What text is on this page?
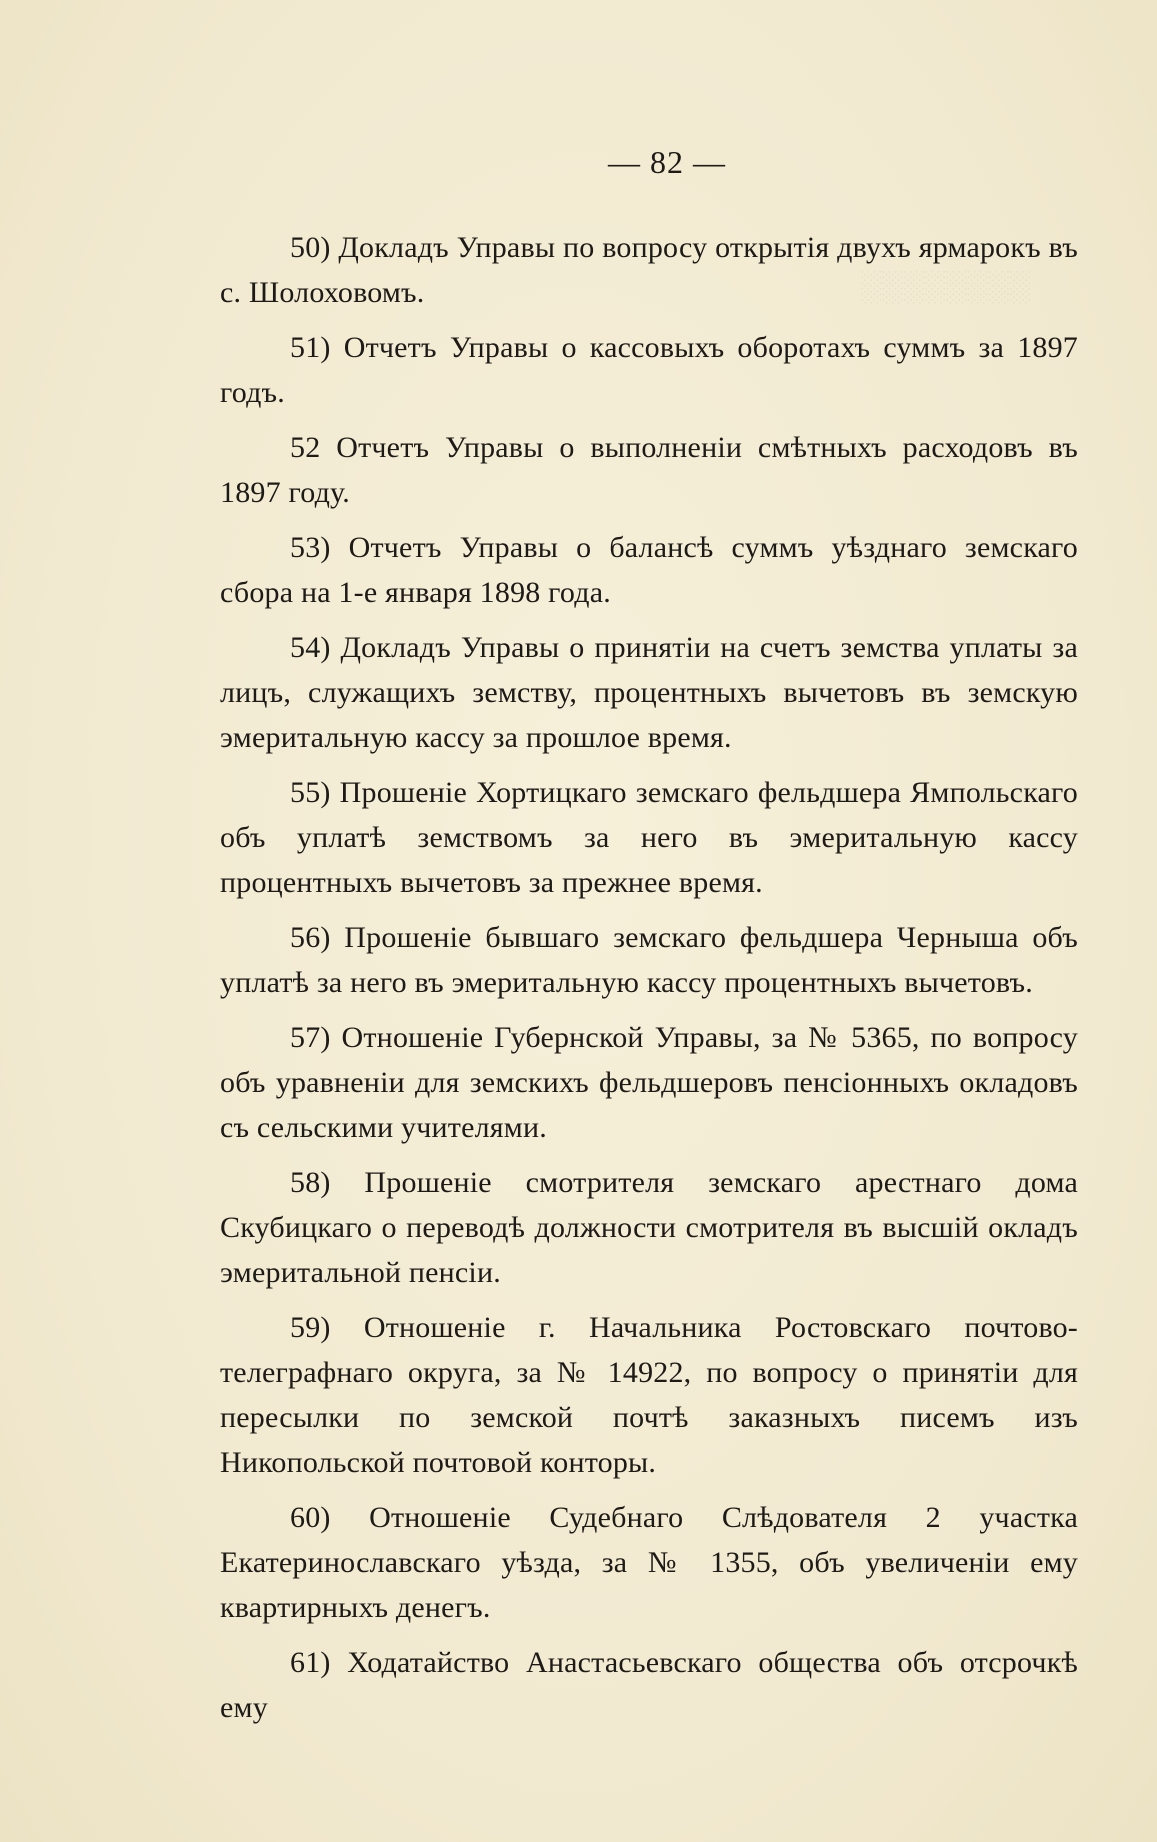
░░░░░░░░
— 82 —

50) Докладъ Управы по вопросу открытія двухъ ярмарокъ въ с. Шолоховомъ.

51) Отчетъ Управы о кассовыхъ оборотахъ суммъ за 1897 годъ.

52 Отчетъ Управы о выполненіи смѣтныхъ расходовъ въ 1897 году.

53) Отчетъ Управы о балансѣ суммъ уѣзднаго земскаго сбора на 1-е января 1898 года.

54) Докладъ Управы о принятіи на счетъ земства уплаты за лицъ, служащихъ земству, процентныхъ вычетовъ въ земскую эмеритальную кассу за прошлое время.

55) Прошеніе Хортицкаго земскаго фельдшера Ямпольскаго объ уплатѣ земствомъ за него въ эмеритальную кассу процентныхъ вычетовъ за прежнее время.

56) Прошеніе бывшаго земскаго фельдшера Черныша объ уплатѣ за него въ эмеритальную кассу процентныхъ вычетовъ.

57) Отношеніе Губернской Управы, за № 5365, по вопросу объ уравненіи для земскихъ фельдшеровъ пенсіонныхъ окладовъ съ сельскими учителями.

58) Прошеніе смотрителя земскаго арестнаго дома Скубицкаго о переводѣ должности смотрителя въ высшій окладъ эмеритальной пенсіи.

59) Отношеніе г. Начальника Ростовскаго почтово-телеграфнаго округа, за № 14922, по вопросу о принятіи для пересылки по земской почтѣ заказныхъ писемъ изъ Никопольской почтовой конторы.

60) Отношеніе Судебнаго Слѣдователя 2 участка Екатеринославскаго уѣзда, за № 1355, объ увеличеніи ему квартирныхъ денегъ.

61) Ходатайство Анастасьевскаго общества объ отсрочкѣ ему
